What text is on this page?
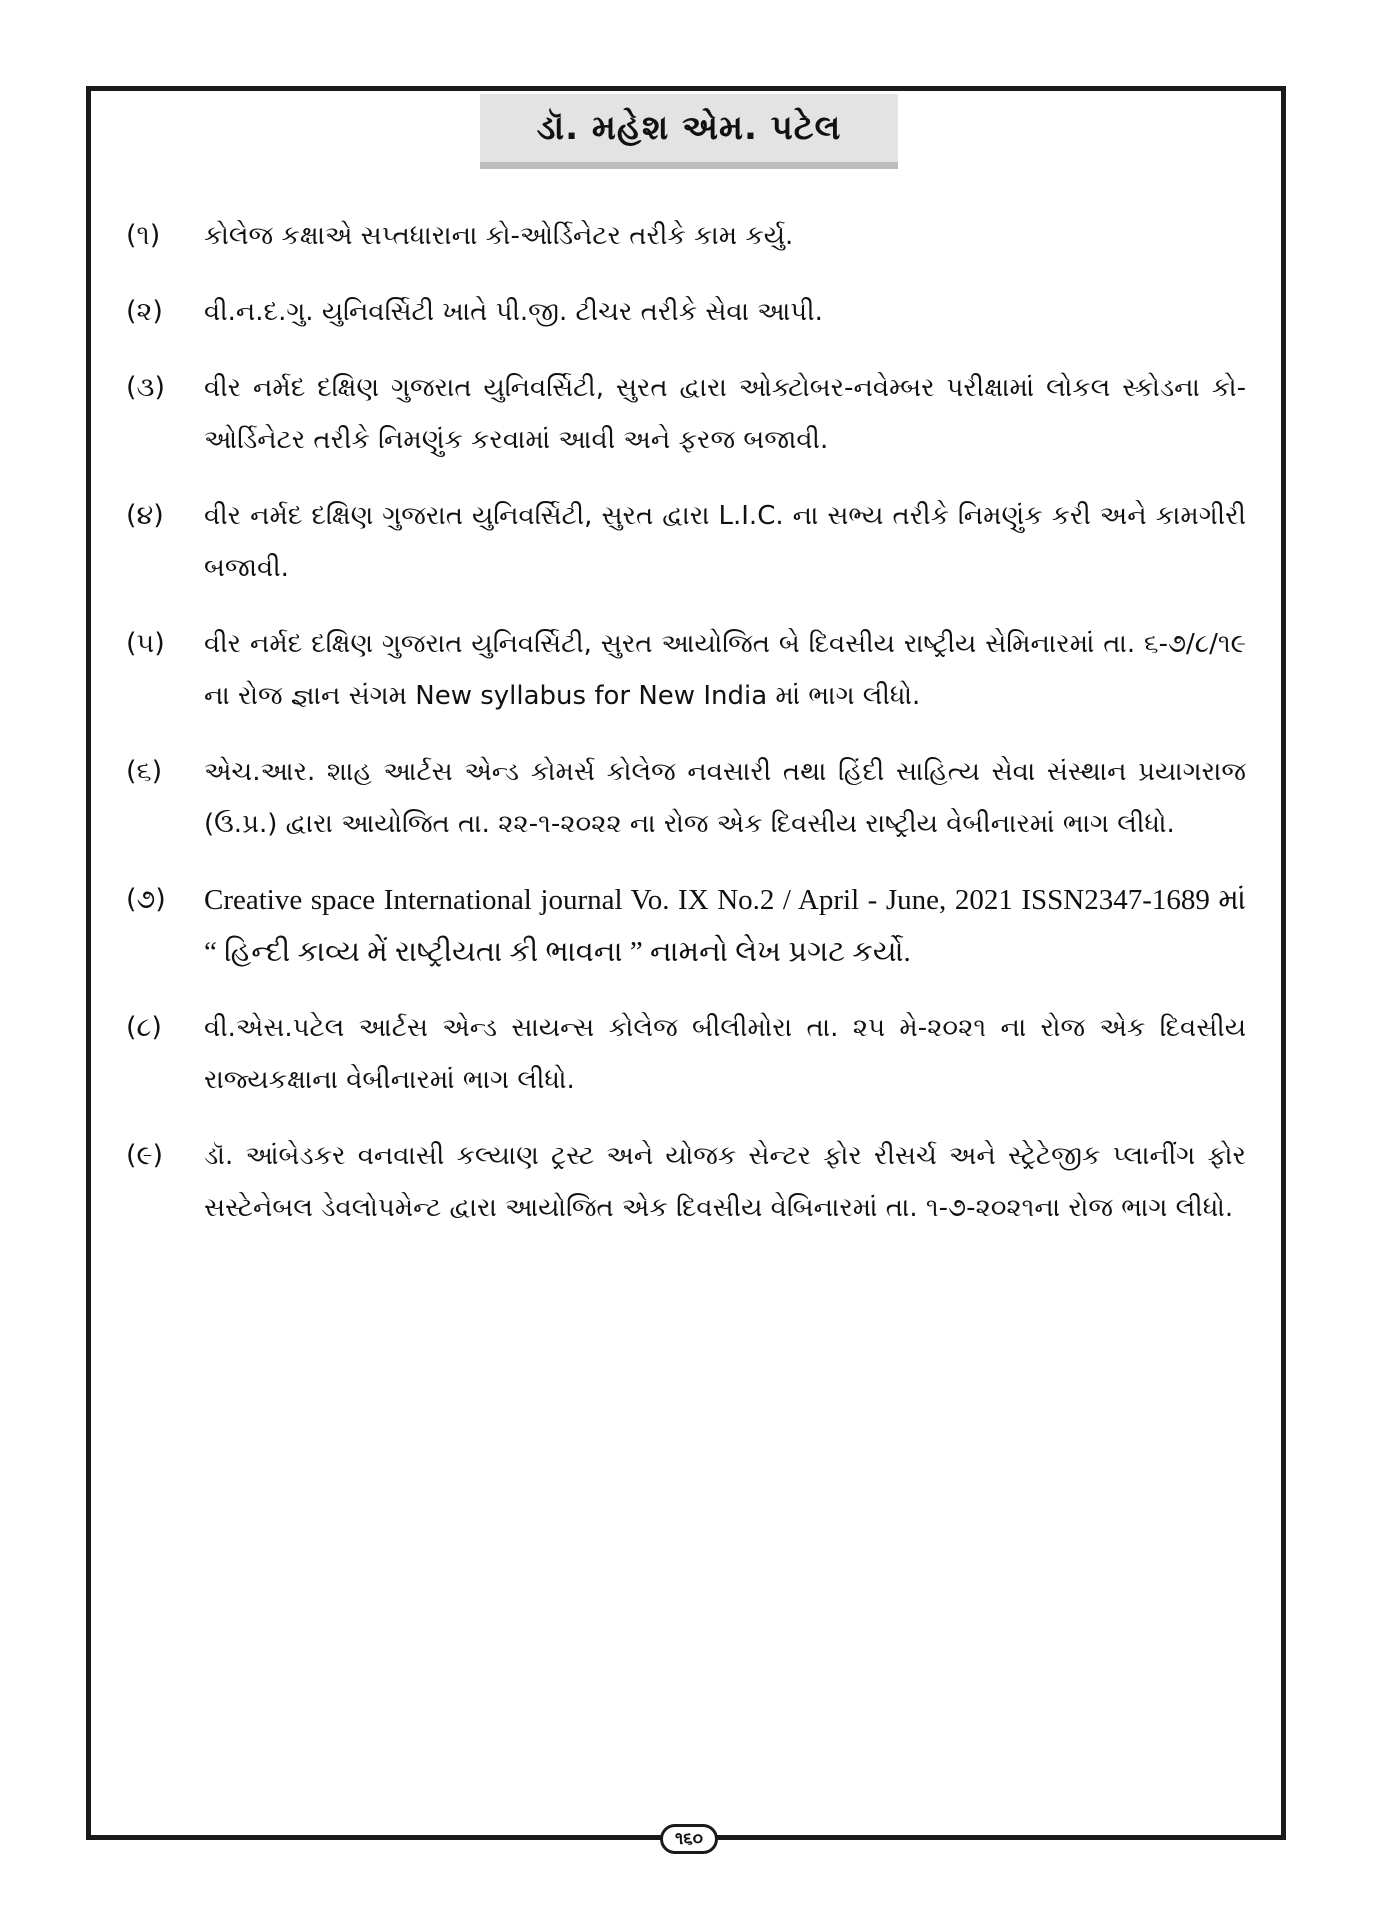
ડૉ. મહેશ એમ. પટેલ
(૧)	કોલેજ કક્ષાએ સપ્તધારાના કો-ઓર્ડિનેટર તરીકે કામ કર્યુ.
(૨)	વી.ન.દ.ગુ. યુનિવર્સિટી ખાતે પી.જી. ટીચર તરીકે સેવા આપી.
(૩)	વીર નર્મદ દક્ષિણ ગુજરાત યુનિવર્સિટી, સુરત દ્વારા ઓક્ટોબર-નવેમ્બર પરીક્ષામાં લોકલ સ્કોડના કો-ઓર્ડિનેટર તરીકે નિમણુંક કરવામાં આવી અને ફરજ બજાવી.
(૪)	વીર નર્મદ દક્ષિણ ગુજરાત યુનિવર્સિટી, સુરત દ્વારા L.I.C. ના સભ્ય તરીકે નિમણુંક કરી અને કામગીરી બજાવી.
(૫)	વીર નર્મદ દક્ષિણ ગુજરાત યુનિવર્સિટી, સુરત આયોજિત બે દિવસીય રાષ્ટ્રીય સેમિનારમાં તા. ૬-૭/૮/૧૯ ના રોજ જ્ઞાન સંગમ New syllabus for New India માં ભાગ લીધો.
(૬)	એચ.આર. શાહ આર્ટસ એન્ડ કોમર્સ કોલેજ નવસારી તથા હિંદી સાહિત્ય સેવા સંસ્થાન પ્રયાગરાજ (ઉ.પ્ર.) દ્વારા આયોજિત તા. ૨૨-૧-૨૦૨૨ ના રોજ એક દિવસીય રાષ્ટ્રીય વેબીનારમાં ભાગ લીધો.
(૭)	Creative space International journal Vo. IX No.2 / April - June, 2021 ISSN2347-1689 માં “ હિન્દી કાવ્ય મેં રાષ્ટ્રીયતા કી ભાવના ” નામનો લેખ પ્રગટ કર્યો.
(૮)	વી.એસ.પટેલ આર્ટસ એન્ડ સાયન્સ કોલેજ બીલીમોરા તા. ૨૫ મે-૨૦૨૧ ના રોજ એક દિવસીય રાજ્યકક્ષાના વેબીનારમાં ભાગ લીધો.
(૯)	ડૉ. આંબેડકર વનવાસી કલ્યાણ ટ્રસ્ટ અને યોજક સેન્ટર ફોર રીસર્ચ અને સ્ટ્રેટેજીક પ્લાનીંગ ફોર સસ્ટેનેબલ ડેવલોપમેન્ટ દ્વારા આયોજિત એક દિવસીય વેબિનારમાં તા. ૧-૭-૨૦૨૧ના રોજ ભાગ લીધો.
૧૬૦
